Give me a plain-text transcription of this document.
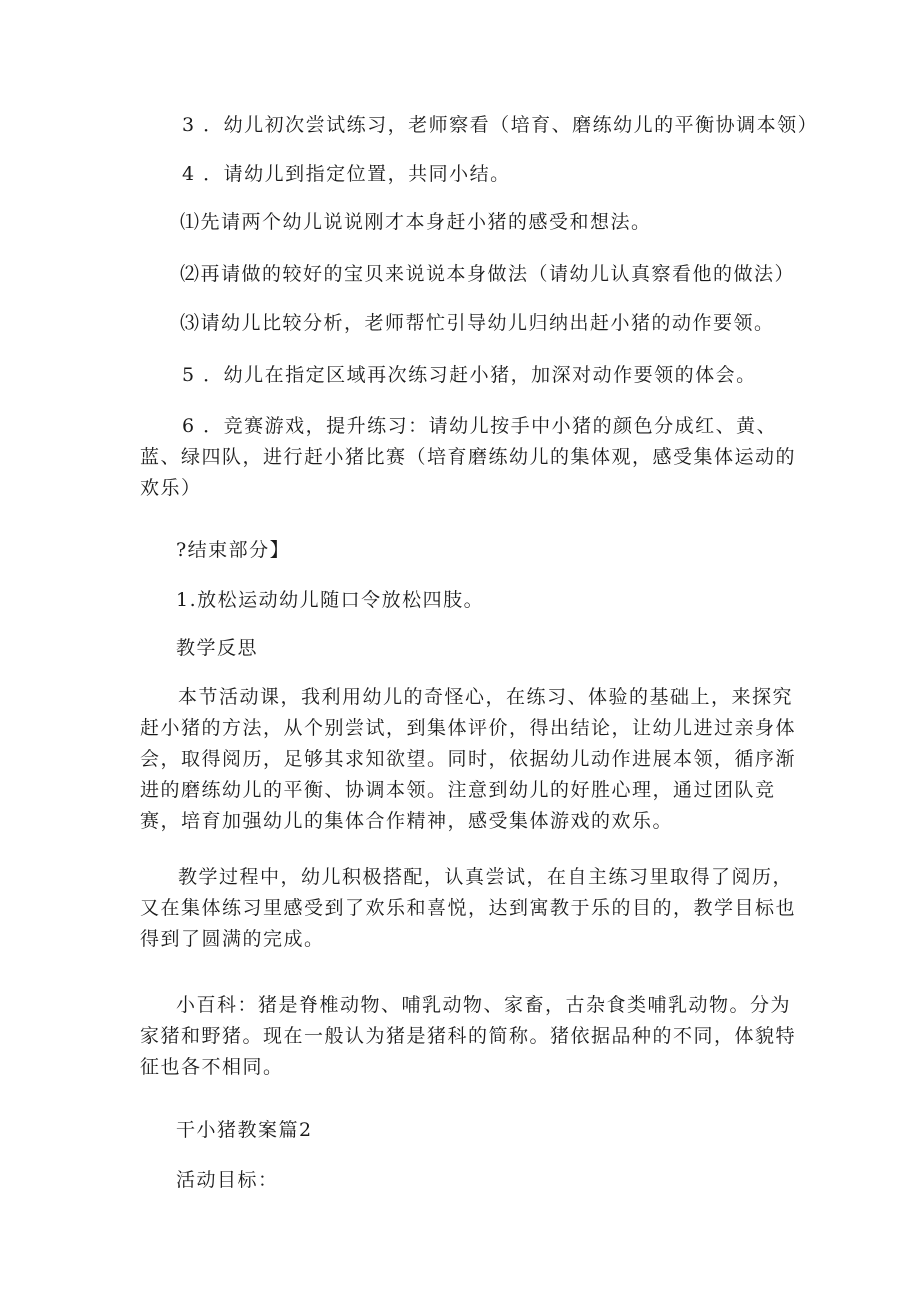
3 ．幼儿初次尝试练习，老师察看（培育、磨练幼儿的平衡协调本领）
4 ．请幼儿到指定位置，共同小结。
⑴先请两个幼儿说说刚才本身赶小猪的感受和想法。
⑵再请做的较好的宝贝来说说本身做法（请幼儿认真察看他的做法）
⑶请幼儿比较分析，老师帮忙引导幼儿归纳出赶小猪的动作要领。
5 ．幼儿在指定区域再次练习赶小猪，加深对动作要领的体会。
6 ．竞赛游戏，提升练习：请幼儿按手中小猪的颜色分成红、黄、蓝、绿四队，进行赶小猪比赛（培育磨练幼儿的集体观，感受集体运动的欢乐）
?结束部分】
1.放松运动幼儿随口令放松四肢。
教学反思
本节活动课，我利用幼儿的奇怪心，在练习、体验的基础上，来探究赶小猪的方法，从个别尝试，到集体评价，得出结论，让幼儿进过亲身体会，取得阅历，足够其求知欲望。同时，依据幼儿动作进展本领，循序渐进的磨练幼儿的平衡、协调本领。注意到幼儿的好胜心理，通过团队竞赛，培育加强幼儿的集体合作精神，感受集体游戏的欢乐。
教学过程中，幼儿积极搭配，认真尝试，在自主练习里取得了阅历，又在集体练习里感受到了欢乐和喜悦，达到寓教于乐的目的，教学目标也得到了圆满的完成。
小百科：猪是脊椎动物、哺乳动物、家畜，古杂食类哺乳动物。分为家猪和野猪。现在一般认为猪是猪科的简称。猪依据品种的不同，体貌特征也各不相同。
干小猪教案篇2
活动目标：
